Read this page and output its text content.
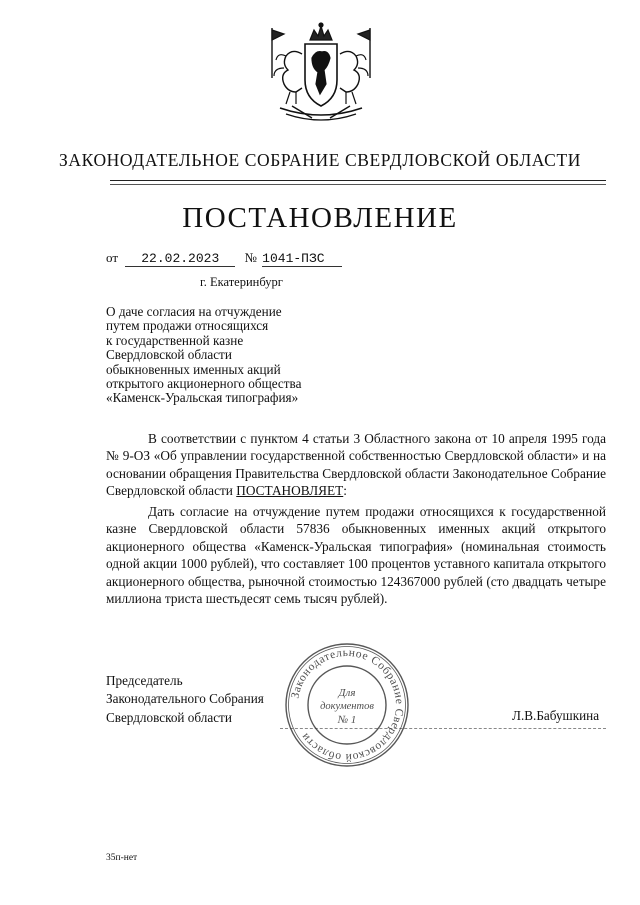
ЗАКОНОДАТЕЛЬНОЕ СОБРАНИЕ СВЕРДЛОВСКОЙ ОБЛАСТИ
ПОСТАНОВЛЕНИЕ
от 22.02.2023 № 1041-ПЗС
г. Екатеринбург
О даче согласия на отчуждение
путем продажи относящихся
к государственной казне
Свердловской области
обыкновенных именных акций
открытого акционерного общества
«Каменск-Уральская типография»
В соответствии с пунктом 4 статьи 3 Областного закона от 10 апреля 1995 года № 9-ОЗ «Об управлении государственной собственностью Свердловской области» и на основании обращения Правительства Свердловской области Законодательное Собрание Свердловской области ПОСТАНОВЛЯЕТ:
Дать согласие на отчуждение путем продажи относящихся к государственной казне Свердловской области 57836 обыкновенных именных акций открытого акционерного общества «Каменск-Уральская типография» (номинальная стоимость одной акции 1000 рублей), что составляет 100 процентов уставного капитала открытого акционерного общества, рыночной стоимостью 124367000 рублей (сто двадцать четыре миллиона триста шестьдесят семь тысяч рублей).
Председатель
Законодательного Собрания
Свердловской области	Л.В.Бабушкина
Законодательное Собрание Свердловской области
Для
документов
№ 1
35п-нет
